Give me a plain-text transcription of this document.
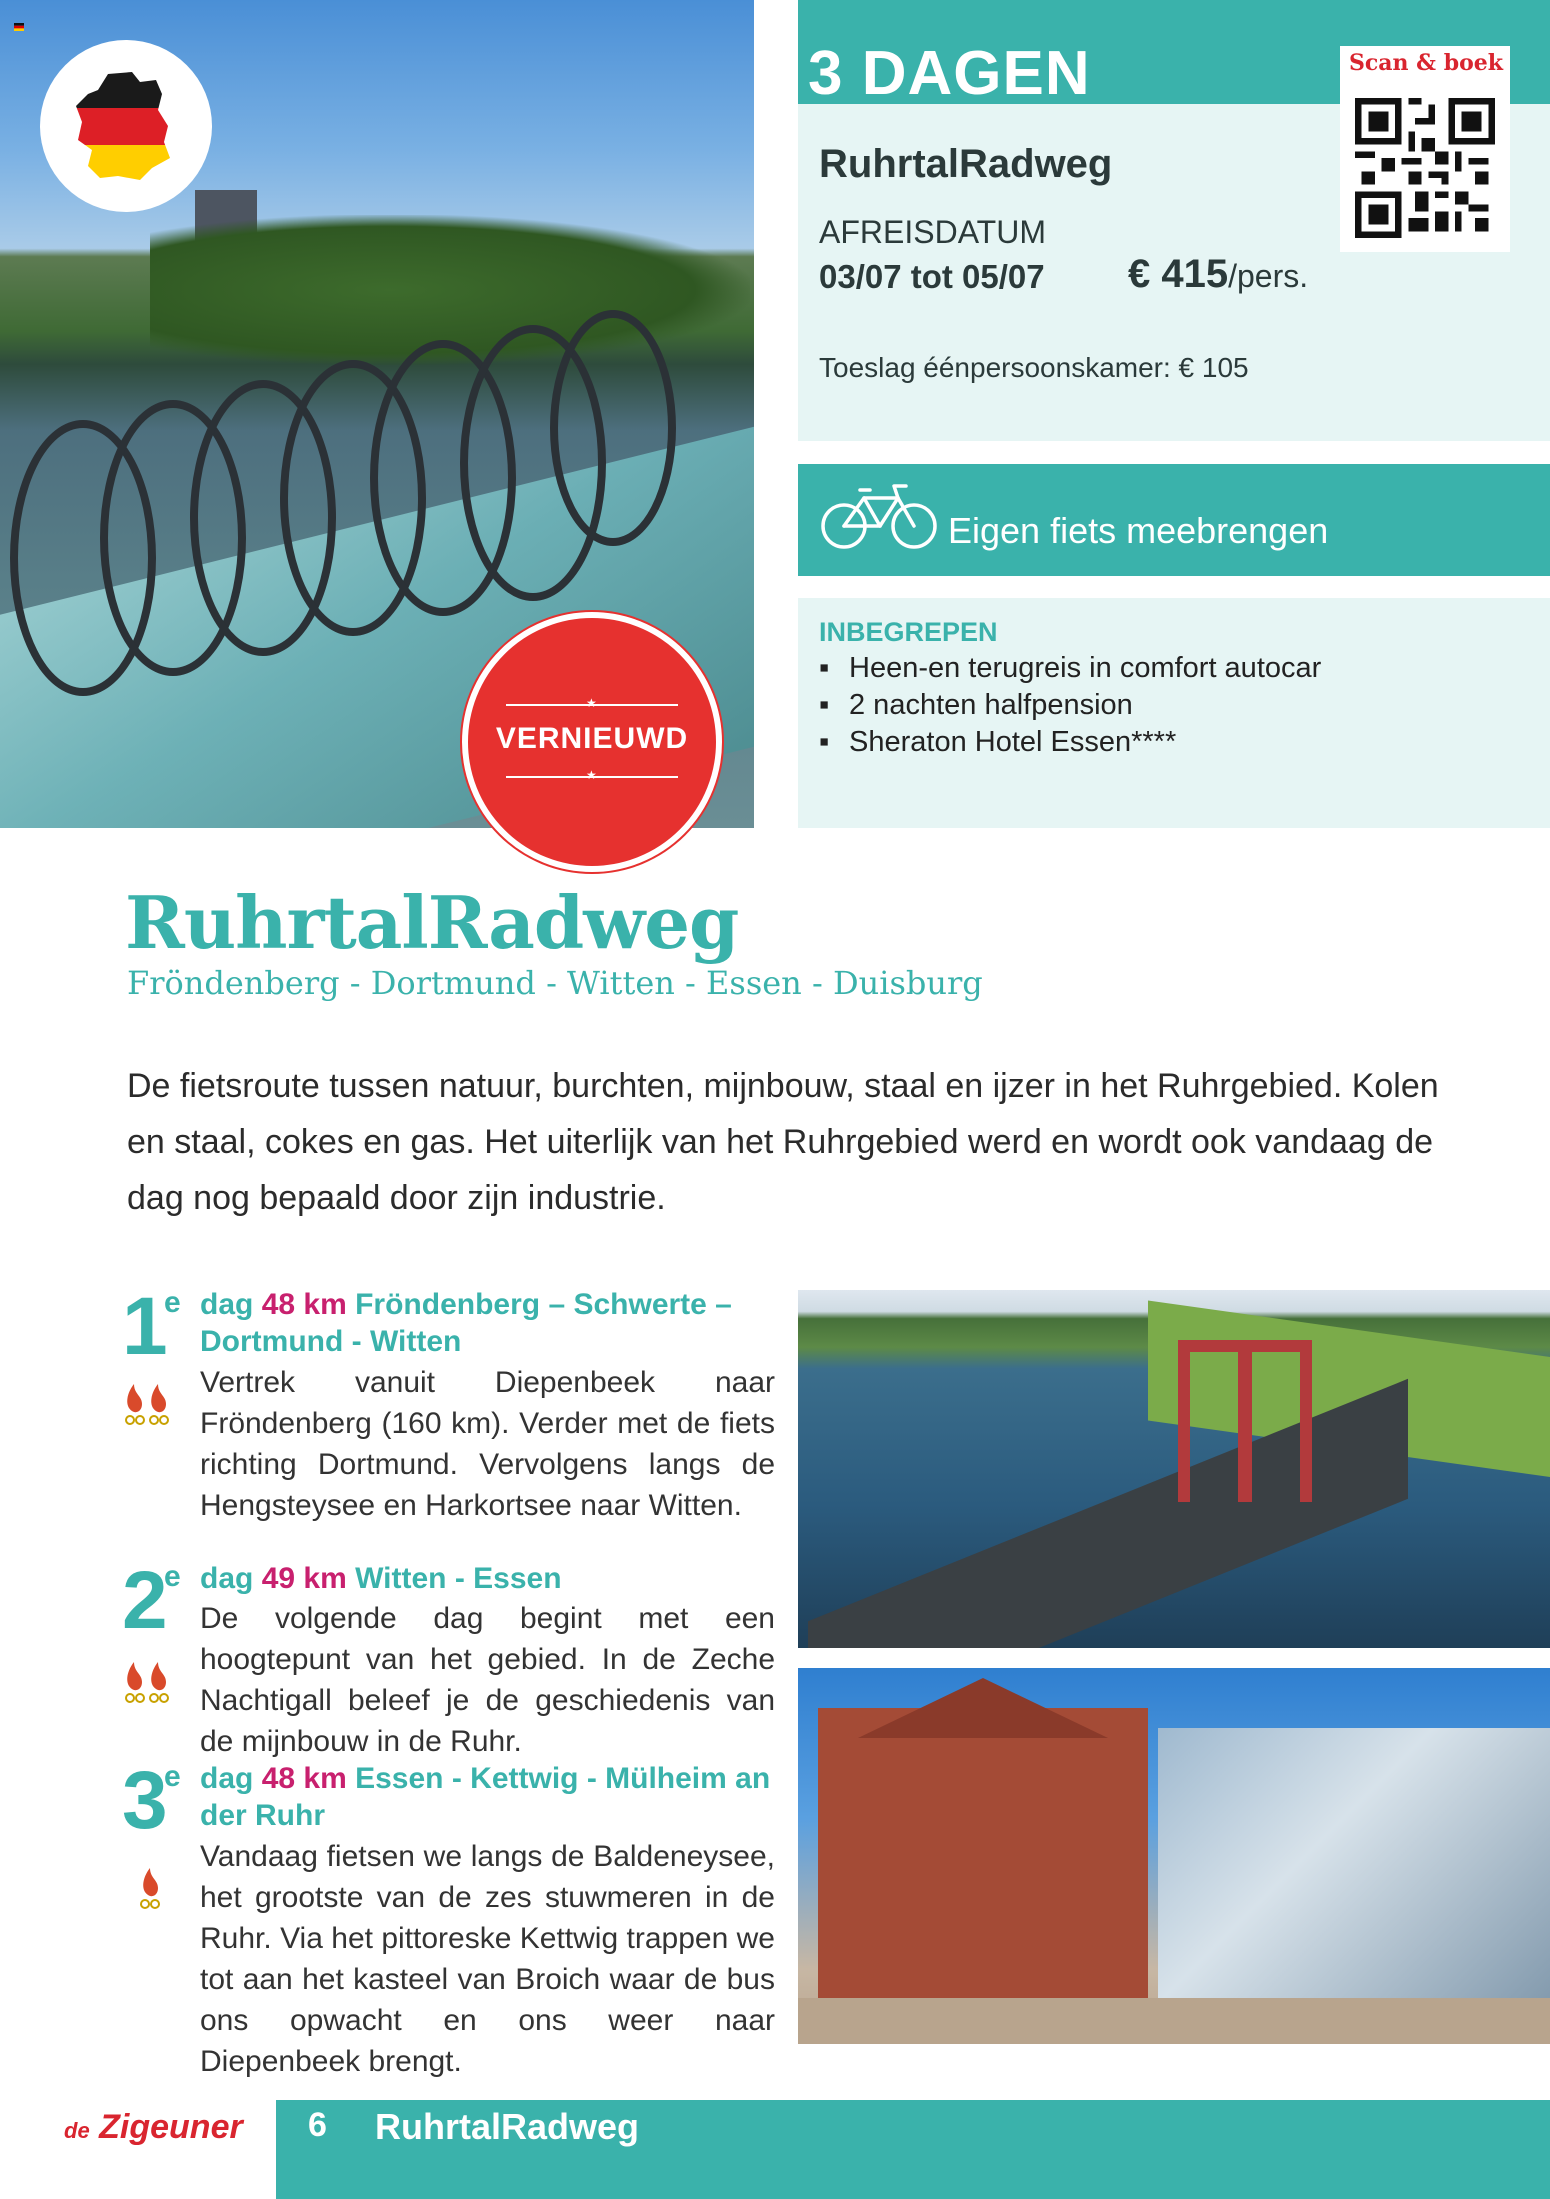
★
VERNIEUWD
★
3 DAGEN
RuhrtalRadweg
AFREISDATUM
03/07 tot 05/07 € 415/pers.
Toeslag éénpersoonskamer: € 105
Scan & boek
Eigen fiets meebrengen
INBEGREPEN
▪ Heen-en terugreis in comfort autocar
▪ 2 nachten halfpension
▪ Sheraton Hotel Essen****
RuhrtalRadweg
Fröndenberg - Dortmund - Witten - Essen - Duisburg
De fietsroute tussen natuur, burchten, mijnbouw, staal en ijzer in het Ruhrgebied. Kolen en staal, cokes en gas. Het uiterlijk van het Ruhrgebied werd en wordt ook vandaag de dag nog bepaald door zijn industrie.
1
e dag 48 km Fröndenberg – Schwerte – Dortmund - Witten
Vertrek vanuit Diepenbeek naar Fröndenberg (160 km). Verder met de fiets richting Dortmund. Vervolgens langs de Hengsteysee en Harkortsee naar Witten.
2
e dag 49 km Witten - Essen
De volgende dag begint met een hoogtepunt van het gebied. In de Zeche Nachtigall beleef je de geschiedenis van de mijnbouw in de Ruhr.
3
e dag 48 km Essen - Kettwig - Mülheim an der Ruhr
Vandaag fietsen we langs de Baldeneysee, het grootste van de zes stuwmeren in de Ruhr. Via het pittoreske Kettwig trappen we tot aan het kasteel van Broich waar de bus ons opwacht en ons weer naar Diepenbeek brengt.
de Zigeuner 6 RuhrtalRadweg
